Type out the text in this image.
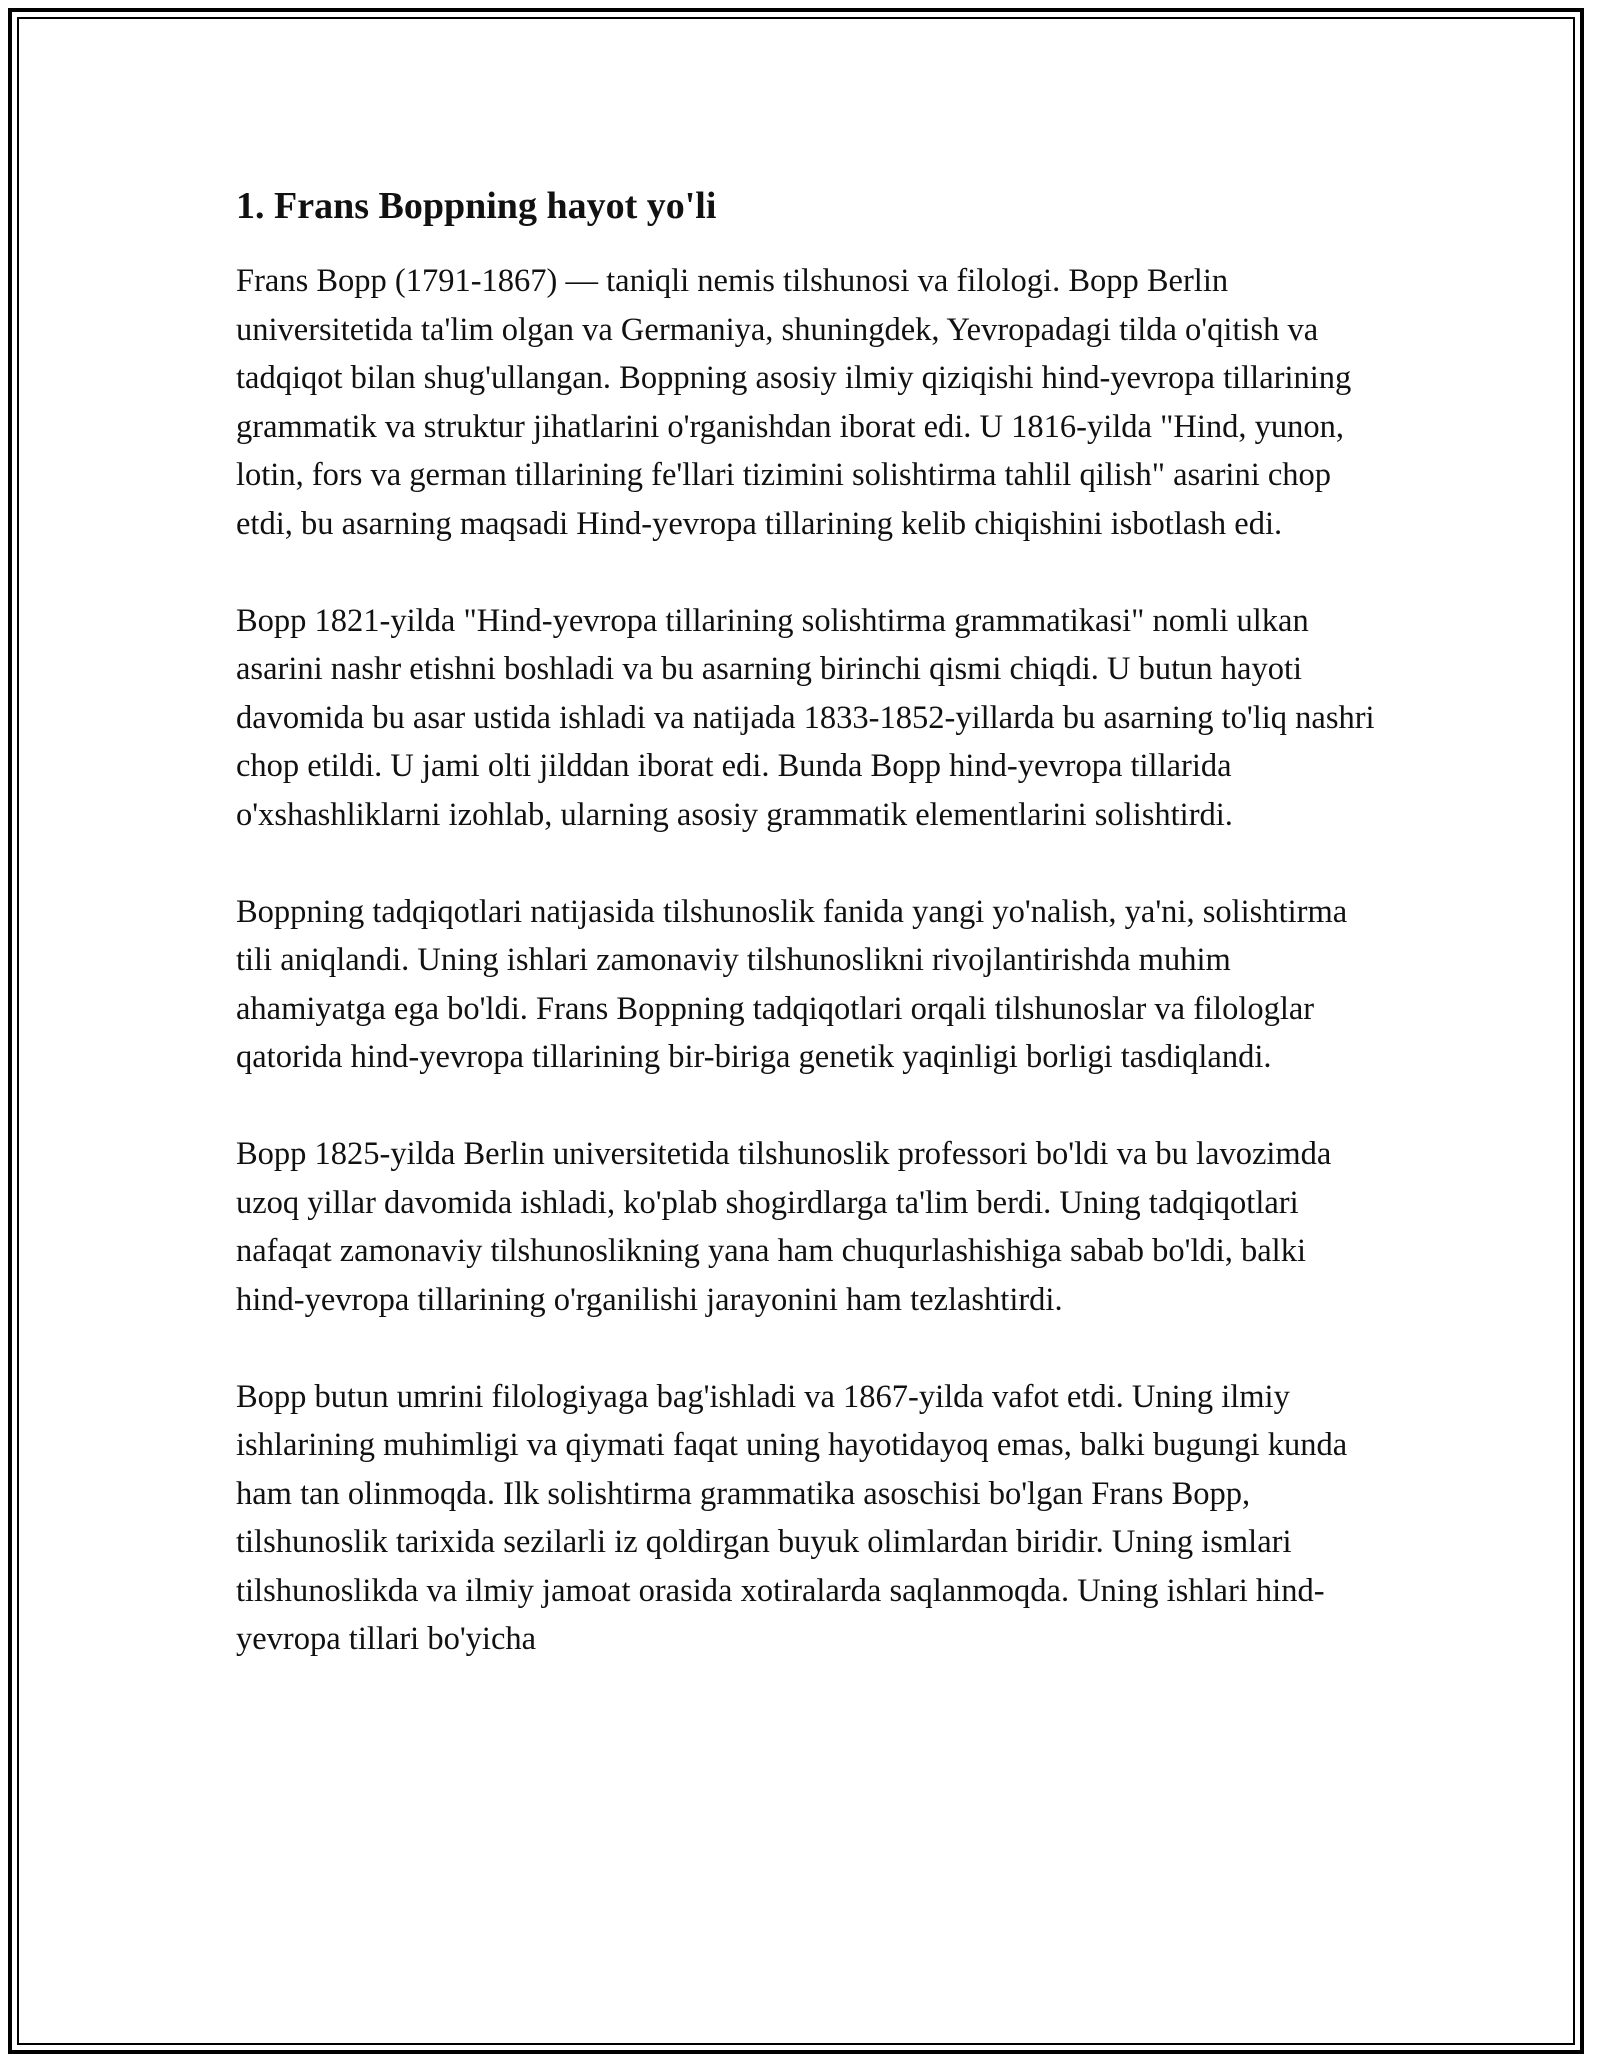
1. Frans Boppning hayot yo'li

Frans Bopp (1791-1867) — taniqli nemis tilshunosi va filologi. Bopp Berlin universitetida ta'lim olgan va Germaniya, shuningdek, Yevropadagi tilda o'qitish va tadqiqot bilan shug'ullangan. Boppning asosiy ilmiy qiziqishi hind-yevropa tillarining grammatik va struktur jihatlarini o'rganishdan iborat edi. U 1816-yilda "Hind, yunon, lotin, fors va german tillarining fe'llari tizimini solishtirma tahlil qilish" asarini chop etdi, bu asarning maqsadi Hind-yevropa tillarining kelib chiqishini isbotlash edi.

Bopp 1821-yilda "Hind-yevropa tillarining solishtirma grammatikasi" nomli ulkan asarini nashr etishni boshladi va bu asarning birinchi qismi chiqdi. U butun hayoti davomida bu asar ustida ishladi va natijada 1833-1852-yillarda bu asarning to'liq nashri chop etildi. U jami olti jilddan iborat edi. Bunda Bopp hind-yevropa tillarida o'xshashliklarni izohlab, ularning asosiy grammatik elementlarini solishtirdi.

Boppning tadqiqotlari natijasida tilshunoslik fanida yangi yo'nalish, ya'ni, solishtirma tili aniqlandi. Uning ishlari zamonaviy tilshunoslikni rivojlantirishda muhim ahamiyatga ega bo'ldi. Frans Boppning tadqiqotlari orqali tilshunoslar va filologlar qatorida hind-yevropa tillarining bir-biriga genetik yaqinligi borligi tasdiqlandi.

Bopp 1825-yilda Berlin universitetida tilshunoslik professori bo'ldi va bu lavozimda uzoq yillar davomida ishladi, ko'plab shogirdlarga ta'lim berdi. Uning tadqiqotlari nafaqat zamonaviy tilshunoslikning yana ham chuqurlashishiga sabab bo'ldi, balki hind-yevropa tillarining o'rganilishi jarayonini ham tezlashtirdi.

Bopp butun umrini filologiyaga bag'ishladi va 1867-yilda vafot etdi. Uning ilmiy ishlarining muhimligi va qiymati faqat uning hayotidayoq emas, balki bugungi kunda ham tan olinmoqda. Ilk solishtirma grammatika asoschisi bo'lgan Frans Bopp, tilshunoslik tarixida sezilarli iz qoldirgan buyuk olimlardan biridir. Uning ismlari tilshunoslikda va ilmiy jamoat orasida xotiralarda saqlanmoqda. Uning ishlari hind-yevropa tillari bo'yicha
